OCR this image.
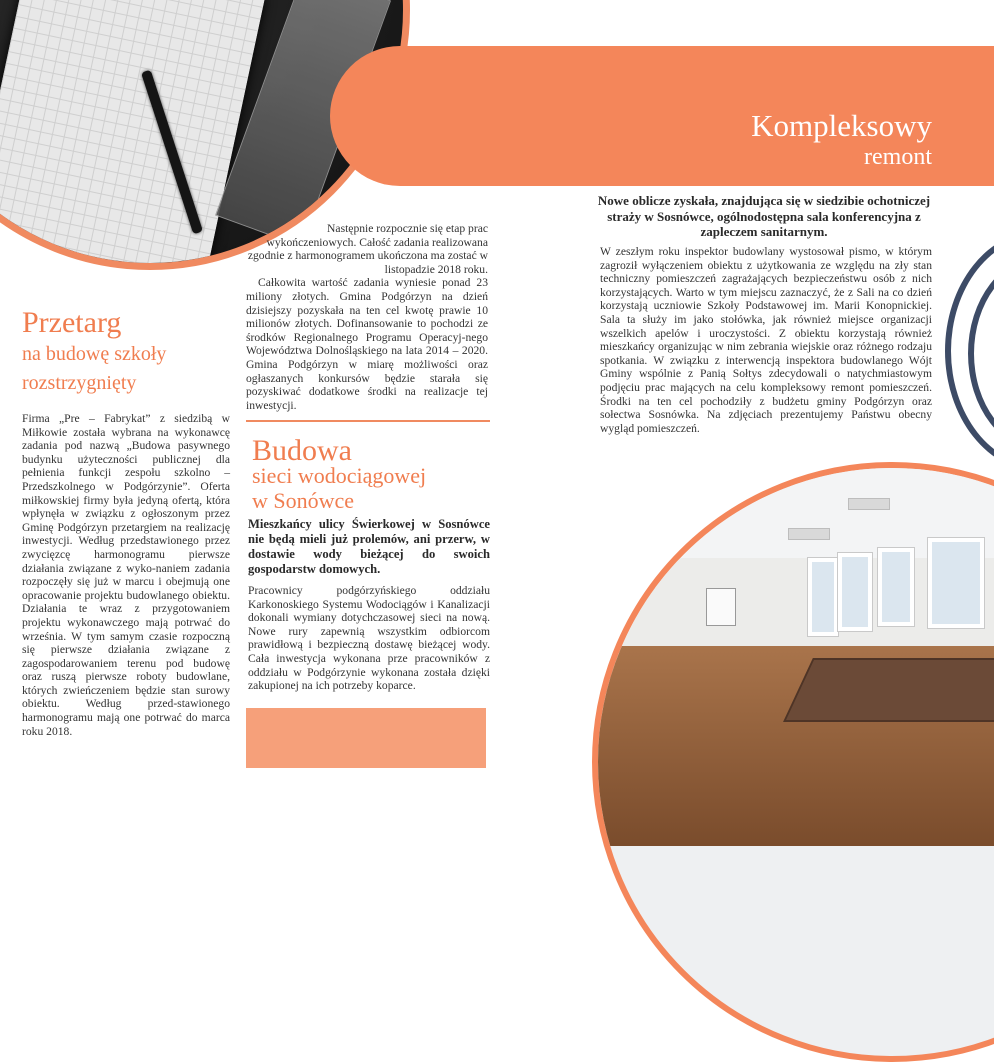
Kompleksowy
remont
Nowe oblicze zyskała, znajdująca się w siedzibie ochotniczej straży w Sosnówce, ogólnodostępna sala konferencyjna z zapleczem sanitarnym.
W zeszłym roku inspektor budowlany wystosował pismo, w którym zagroził wyłączeniem obiektu z użytkowania ze względu na zły stan techniczny pomieszczeń zagrażających bezpieczeństwu osób z nich korzystających. Warto w tym miejscu zaznaczyć, że z Sali na co dzień korzystają uczniowie Szkoły Podstawowej im. Marii Konopnickiej. Sala ta służy im jako stołówka, jak również miejsce organizacji wszelkich apelów i uroczystości. Z obiektu korzystają również mieszkańcy organizując w nim zebrania wiejskie oraz różnego rodzaju spotkania. W związku z interwencją inspektora budowlanego Wójt Gminy wspólnie z Panią Sołtys zdecydowali o natychmiastowym podjęciu prac mających na celu kompleksowy remont pomieszczeń. Środki na ten cel pochodziły z budżetu gminy Podgórzyn oraz sołectwa Sosnówka. Na zdjęciach prezentujemy Państwu obecny wygląd pomieszczeń.
Przetarg
na budowę szkoły
rozstrzygnięty
Firma „Pre – Fabrykat” z siedzibą w Miłkowie została wybrana na wykonawcę zadania pod nazwą „Budowa pasywnego budynku użyteczności publicznej dla pełnienia funkcji zespołu szkolno – Przedszkolnego w Podgórzynie”. Oferta miłkowskiej firmy była jedyną ofertą, która wpłynęła w związku z ogłoszonym przez Gminę Podgórzyn przetargiem na realizację inwestycji. Według przedstawionego przez zwycięzcę harmonogramu pierwsze działania związane z wyko-naniem zadania rozpoczęły się już w marcu i obejmują one opracowanie projektu budowlanego obiektu. Działania te wraz z przygotowaniem projektu wykonawczego mają potrwać do września. W tym samym czasie rozpoczną się pierwsze działania związane z zagospodarowaniem terenu pod budowę oraz ruszą pierwsze roboty budowlane, których zwieńczeniem będzie stan surowy obiektu. Według przed-stawionego harmonogramu mają one potrwać do marca roku 2018.
Następnie rozpocznie się etap prac wykończeniowych. Całość zadania realizowana zgodnie z harmonogramem ukończona ma zostać w listopadzie 2018 roku.
Całkowita wartość zadania wyniesie ponad 23 miliony złotych. Gmina Podgórzyn na dzień dzisiejszy pozyskała na ten cel kwotę prawie 10 milionów złotych. Dofinansowanie to pochodzi ze środków Regionalnego Programu Operacyj-nego Województwa Dolnośląskiego na lata 2014 – 2020. Gmina Podgórzyn w miarę możliwości oraz ogłaszanych konkursów będzie starała się pozyskiwać dodatkowe środki na realizacje tej inwestycji.
Budowa
sieci wodociągowej
w Sonówce
Mieszkańcy ulicy Świerkowej w Sosnówce nie będą mieli już prolemów, ani przerw, w dostawie wody bieżącej do swoich gospodarstw domowych.
Pracownicy podgórzyńskiego oddziału Karkonoskiego Systemu Wodociągów i Kanalizacji dokonali wymiany dotychczasowej sieci na nową. Nowe rury zapewnią wszystkim odbiorcom prawidłową i bezpieczną dostawę bieżącej wody. Cała inwestycja wykonana prze pracowników z oddziału w Podgórzynie wykonana została dzięki zakupionej na ich potrzeby koparce.
